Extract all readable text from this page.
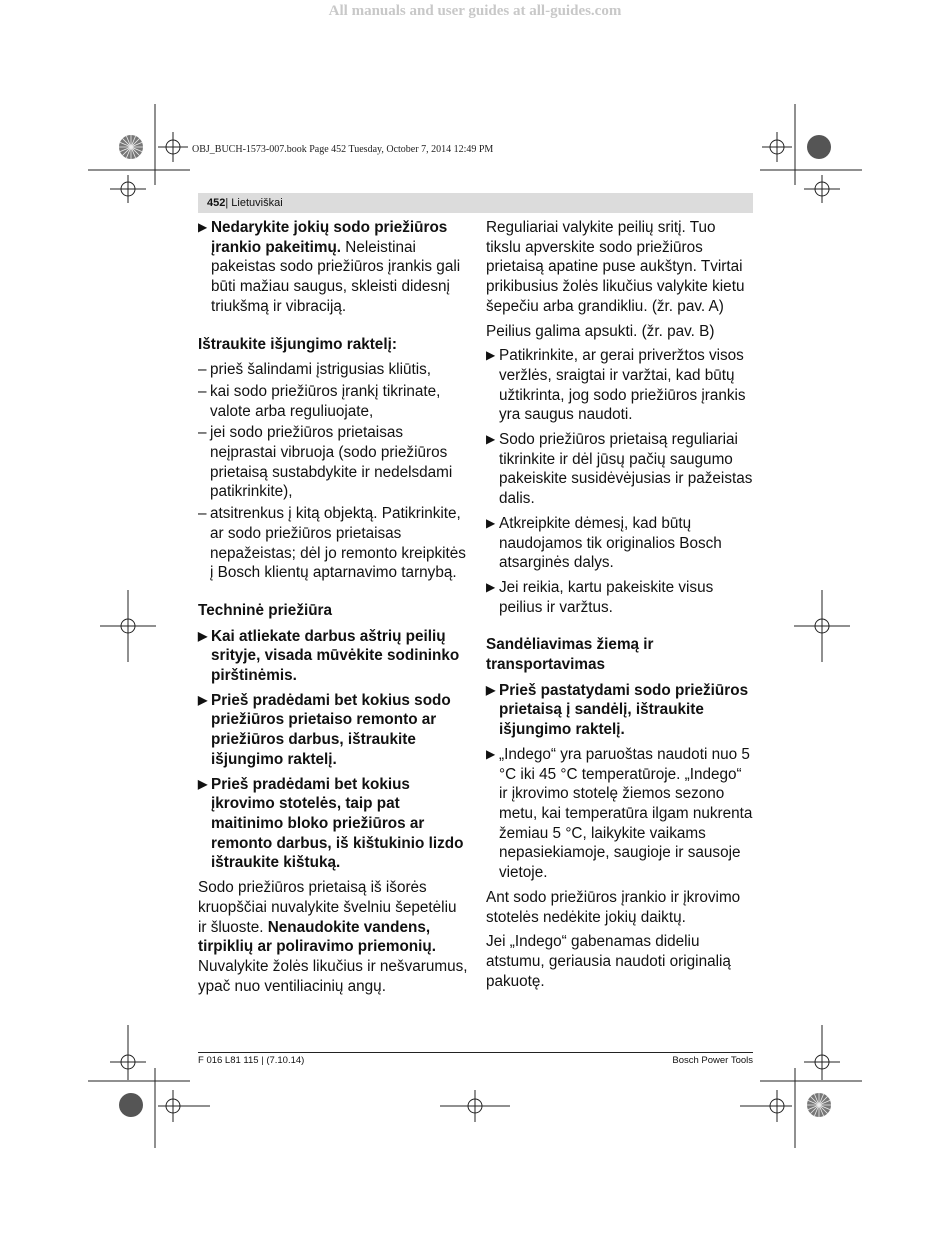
All manuals and user guides at all-guides.com
OBJ_BUCH-1573-007.book Page 452 Tuesday, October 7, 2014 12:49 PM
452| Lietuviškai
▶ Nedarykite jokių sodo priežiūros įrankio pakeitimų. Neleistinai pakeistas sodo priežiūros įrankis gali būti mažiau saugus, skleisti didesnį triukšmą ir vibraciją.

Ištraukite išjungimo raktelį:

– prieš šalindami įstrigusias kliūtis,
– kai sodo priežiūros įrankį tikrinate, valote arba reguliuojate,
– jei sodo priežiūros prietaisas neįprastai vibruoja (sodo priežiūros prietaisą sustabdykite ir nedelsdami patikrinkite),
– atsitrenkus į kitą objektą. Patikrinkite, ar sodo priežiūros prietaisas nepažeistas; dėl jo remonto kreipkitės į Bosch klientų aptarnavimo tarnybą.

Techninė priežiūra

▶ Kai atliekate darbus aštrių peilių srityje, visada mūvėkite sodininko pirštinėmis.
▶ Prieš pradėdami bet kokius sodo priežiūros prietaiso remonto ar priežiūros darbus, ištraukite išjungimo raktelį.
▶ Prieš pradėdami bet kokius įkrovimo stotelės, taip pat maitinimo bloko priežiūros ar remonto darbus, iš kištukinio lizdo ištraukite kištuką.

Sodo priežiūros prietaisą iš išorės kruopščiai nuvalykite švelniu šepetėliu ir šluoste. Nenaudokite vandens, tirpiklių ar poliravimo priemonių. Nuvalykite žolės likučius ir nešvarumus, ypač nuo ventiliacinių angų.

Reguliariai valykite peilių sritį. Tuo tikslu apverskite sodo priežiūros prietaisą apatine puse aukštyn. Tvirtai prikibusius žolės likučius valykite kietu šepečiu arba grandikliu. (žr. pav. A)

Peilius galima apsukti. (žr. pav. B)

▶ Patikrinkite, ar gerai priveržtos visos veržlės, sraigtai ir varžtai, kad būtų užtikrinta, jog sodo priežiūros įrankis yra saugus naudoti.
▶ Sodo priežiūros prietaisą reguliariai tikrinkite ir dėl jūsų pačių saugumo pakeiskite susidėvėjusias ir pažeistas dalis.
▶ Atkreipkite dėmesį, kad būtų naudojamos tik originalios Bosch atsarginės dalys.
▶ Jei reikia, kartu pakeiskite visus peilius ir varžtus.

Sandėliavimas žiemą ir transportavimas

▶ Prieš pastatydami sodo priežiūros prietaisą į sandėlį, ištraukite išjungimo raktelį.
▶ „Indego“ yra paruoštas naudoti nuo 5 °C iki 45 °C temperatūroje. „Indego“ ir įkrovimo stotelę žiemos sezono metu, kai temperatūra ilgam nukrenta žemiau 5 °C, laikykite vaikams nepasiekiamoje, saugioje ir sausoje vietoje.

Ant sodo priežiūros įrankio ir įkrovimo stotelės nedėkite jokių daiktų.

Jei „Indego“ gabenamas dideliu atstumu, geriausia naudoti originalią pakuotę.

F 016 L81 115 | (7.10.14)	Bosch Power Tools
